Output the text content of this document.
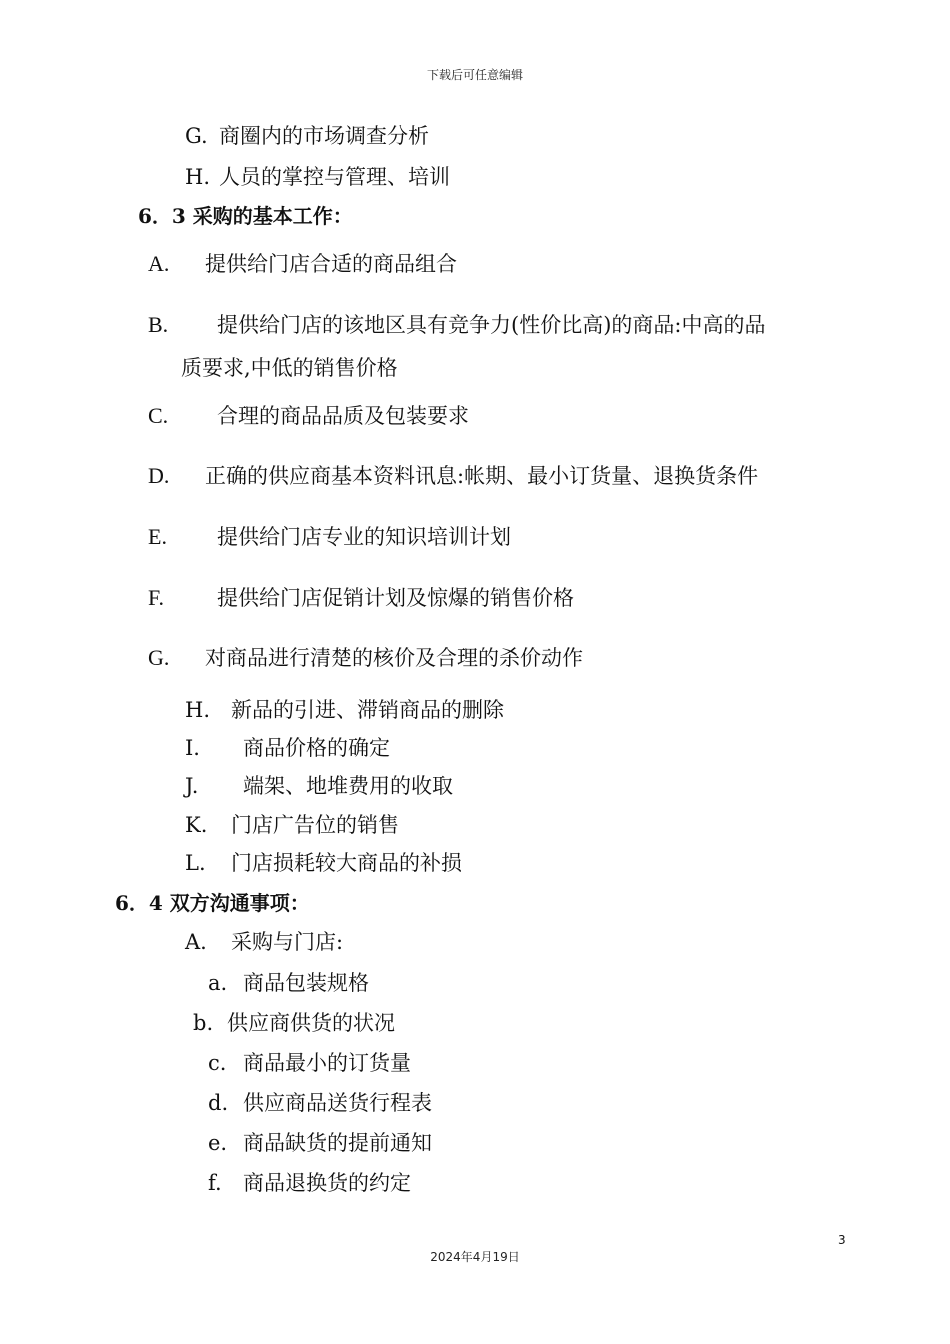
下载后可任意编辑
G. 商圈内的市场调查分析
H. 人员的掌控与管理、培训
6．3 采购的基本工作：
A. 提供给门店合适的商品组合
B. 提供给门店的该地区具有竞争力(性价比高)的商品:中高的品
质要求,中低的销售价格
C. 合理的商品品质及包装要求
D. 正确的供应商基本资料讯息:帐期、最小订货量、退换货条件
E. 提供给门店专业的知识培训计划
F.	提供给门店促销计划及惊爆的销售价格
G. 对商品进行清楚的核价及合理的杀价动作
H. 新品的引进、滞销商品的删除
I. 商品价格的确定
J. 端架、地堆费用的收取
K. 门店广告位的销售
L. 门店损耗较大商品的补损
6．4 双方沟通事项：
A. 采购与门店:
a. 商品包装规格
b. 供应商供货的状况
c. 商品最小的订货量
d. 供应商品送货行程表
e. 商品缺货的提前通知
f. 商品退换货的约定
3
2024年4月19日
